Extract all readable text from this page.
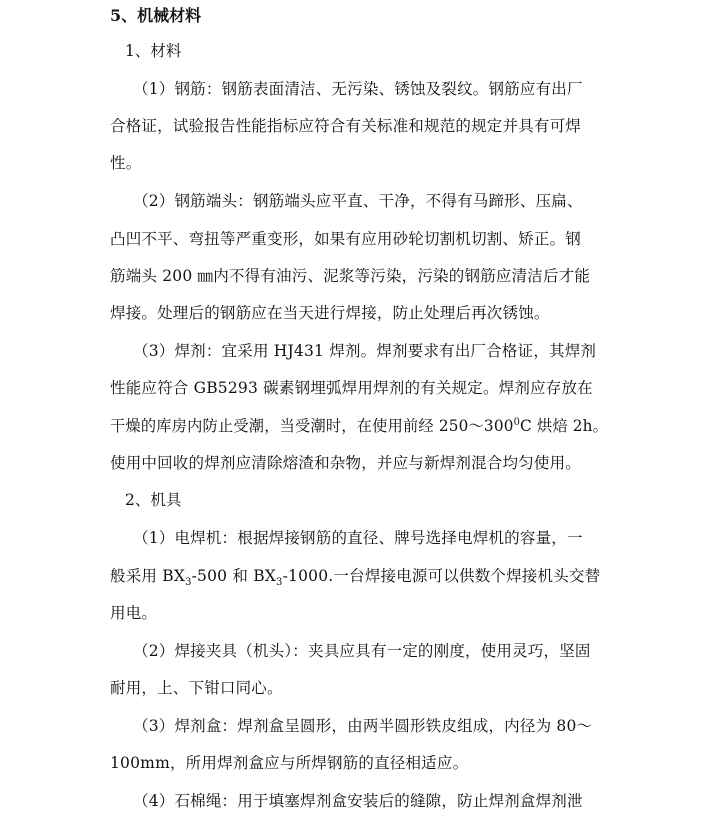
5、机械材料
1、材料
（1）钢筋：钢筋表面清洁、无污染、锈蚀及裂纹。钢筋应有出厂
合格证，试验报告性能指标应符合有关标准和规范的规定并具有可焊
性。
（2）钢筋端头：钢筋端头应平直、干净，不得有马蹄形、压扁、
凸凹不平、弯扭等严重变形，如果有应用砂轮切割机切割、矫正。钢
筋端头 200 ㎜内不得有油污、泥浆等污染，污染的钢筋应清洁后才能
焊接。处理后的钢筋应在当天进行焊接，防止处理后再次锈蚀。
（3）焊剂：宜采用 HJ431 焊剂。焊剂要求有出厂合格证，其焊剂
性能应符合 GB5293 碳素钢埋弧焊用焊剂的有关规定。焊剂应存放在
干燥的库房内防止受潮，当受潮时，在使用前经 $250\sim 300^0C$ 烘焙 2h。
使用中回收的焊剂应清除熔渣和杂物，并应与新焊剂混合均匀使用。
2、机具
（1）电焊机：根据焊接钢筋的直径、牌号选择电焊机的容量，一
般采用 $BX_3-500$ 和 $BX_3-1000$.一台焊接电源可以供数个焊接机头交替
用电。
（2）焊接夹具（机头）：夹具应具有一定的刚度，使用灵巧，坚固
耐用，上、下钳口同心。
（3）焊剂盒：焊剂盒呈圆形，由两半圆形铁皮组成，内径为 80～
100mm，所用焊剂盒应与所焊钢筋的直径相适应。
（4）石棉绳：用于填塞焊剂盒安装后的缝隙，防止焊剂盒焊剂泄
